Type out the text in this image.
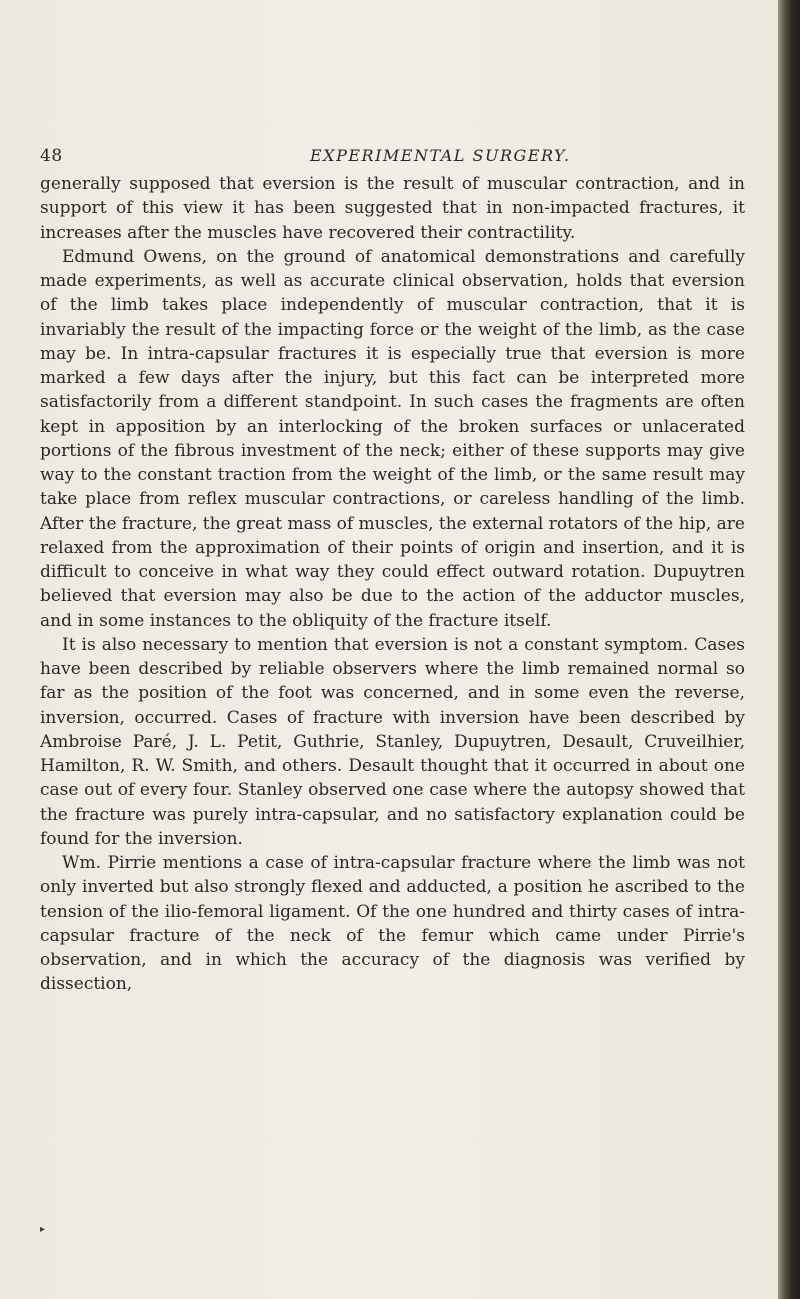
48	EXPERIMENTAL SURGERY.

generally supposed that eversion is the result of muscular contraction, and in support of this view it has been suggested that in non-impacted fractures, it increases after the muscles have recovered their contractility.

Edmund Owens, on the ground of anatomical demonstrations and carefully made experiments, as well as accurate clinical observation, holds that eversion of the limb takes place independently of muscular contraction, that it is invariably the result of the impacting force or the weight of the limb, as the case may be. In intra-capsular fractures it is especially true that eversion is more marked a few days after the injury, but this fact can be interpreted more satisfactorily from a different standpoint. In such cases the fragments are often kept in apposition by an interlocking of the broken surfaces or unlacerated portions of the fibrous investment of the neck; either of these supports may give way to the constant traction from the weight of the limb, or the same result may take place from reflex muscular contractions, or careless handling of the limb. After the fracture, the great mass of muscles, the external rotators of the hip, are relaxed from the approximation of their points of origin and insertion, and it is difficult to conceive in what way they could effect outward rotation. Dupuytren believed that eversion may also be due to the action of the adductor muscles, and in some instances to the obliquity of the fracture itself.

It is also necessary to mention that eversion is not a constant symptom. Cases have been described by reliable observers where the limb remained normal so far as the position of the foot was concerned, and in some even the reverse, inversion, occurred. Cases of fracture with inversion have been described by Ambroise Paré, J. L. Petit, Guthrie, Stanley, Dupuytren, Desault, Cruveilhier, Hamilton, R. W. Smith, and others. Desault thought that it occurred in about one case out of every four. Stanley observed one case where the autopsy showed that the fracture was purely intra-capsular, and no satisfactory explanation could be found for the inversion.

Wm. Pirrie mentions a case of intra-capsular fracture where the limb was not only inverted but also strongly flexed and adducted, a position he ascribed to the tension of the ilio-femoral ligament. Of the one hundred and thirty cases of intra-capsular fracture of the neck of the femur which came under Pirrie's observation, and in which the accuracy of the diagnosis was verified by dissection,

▸
